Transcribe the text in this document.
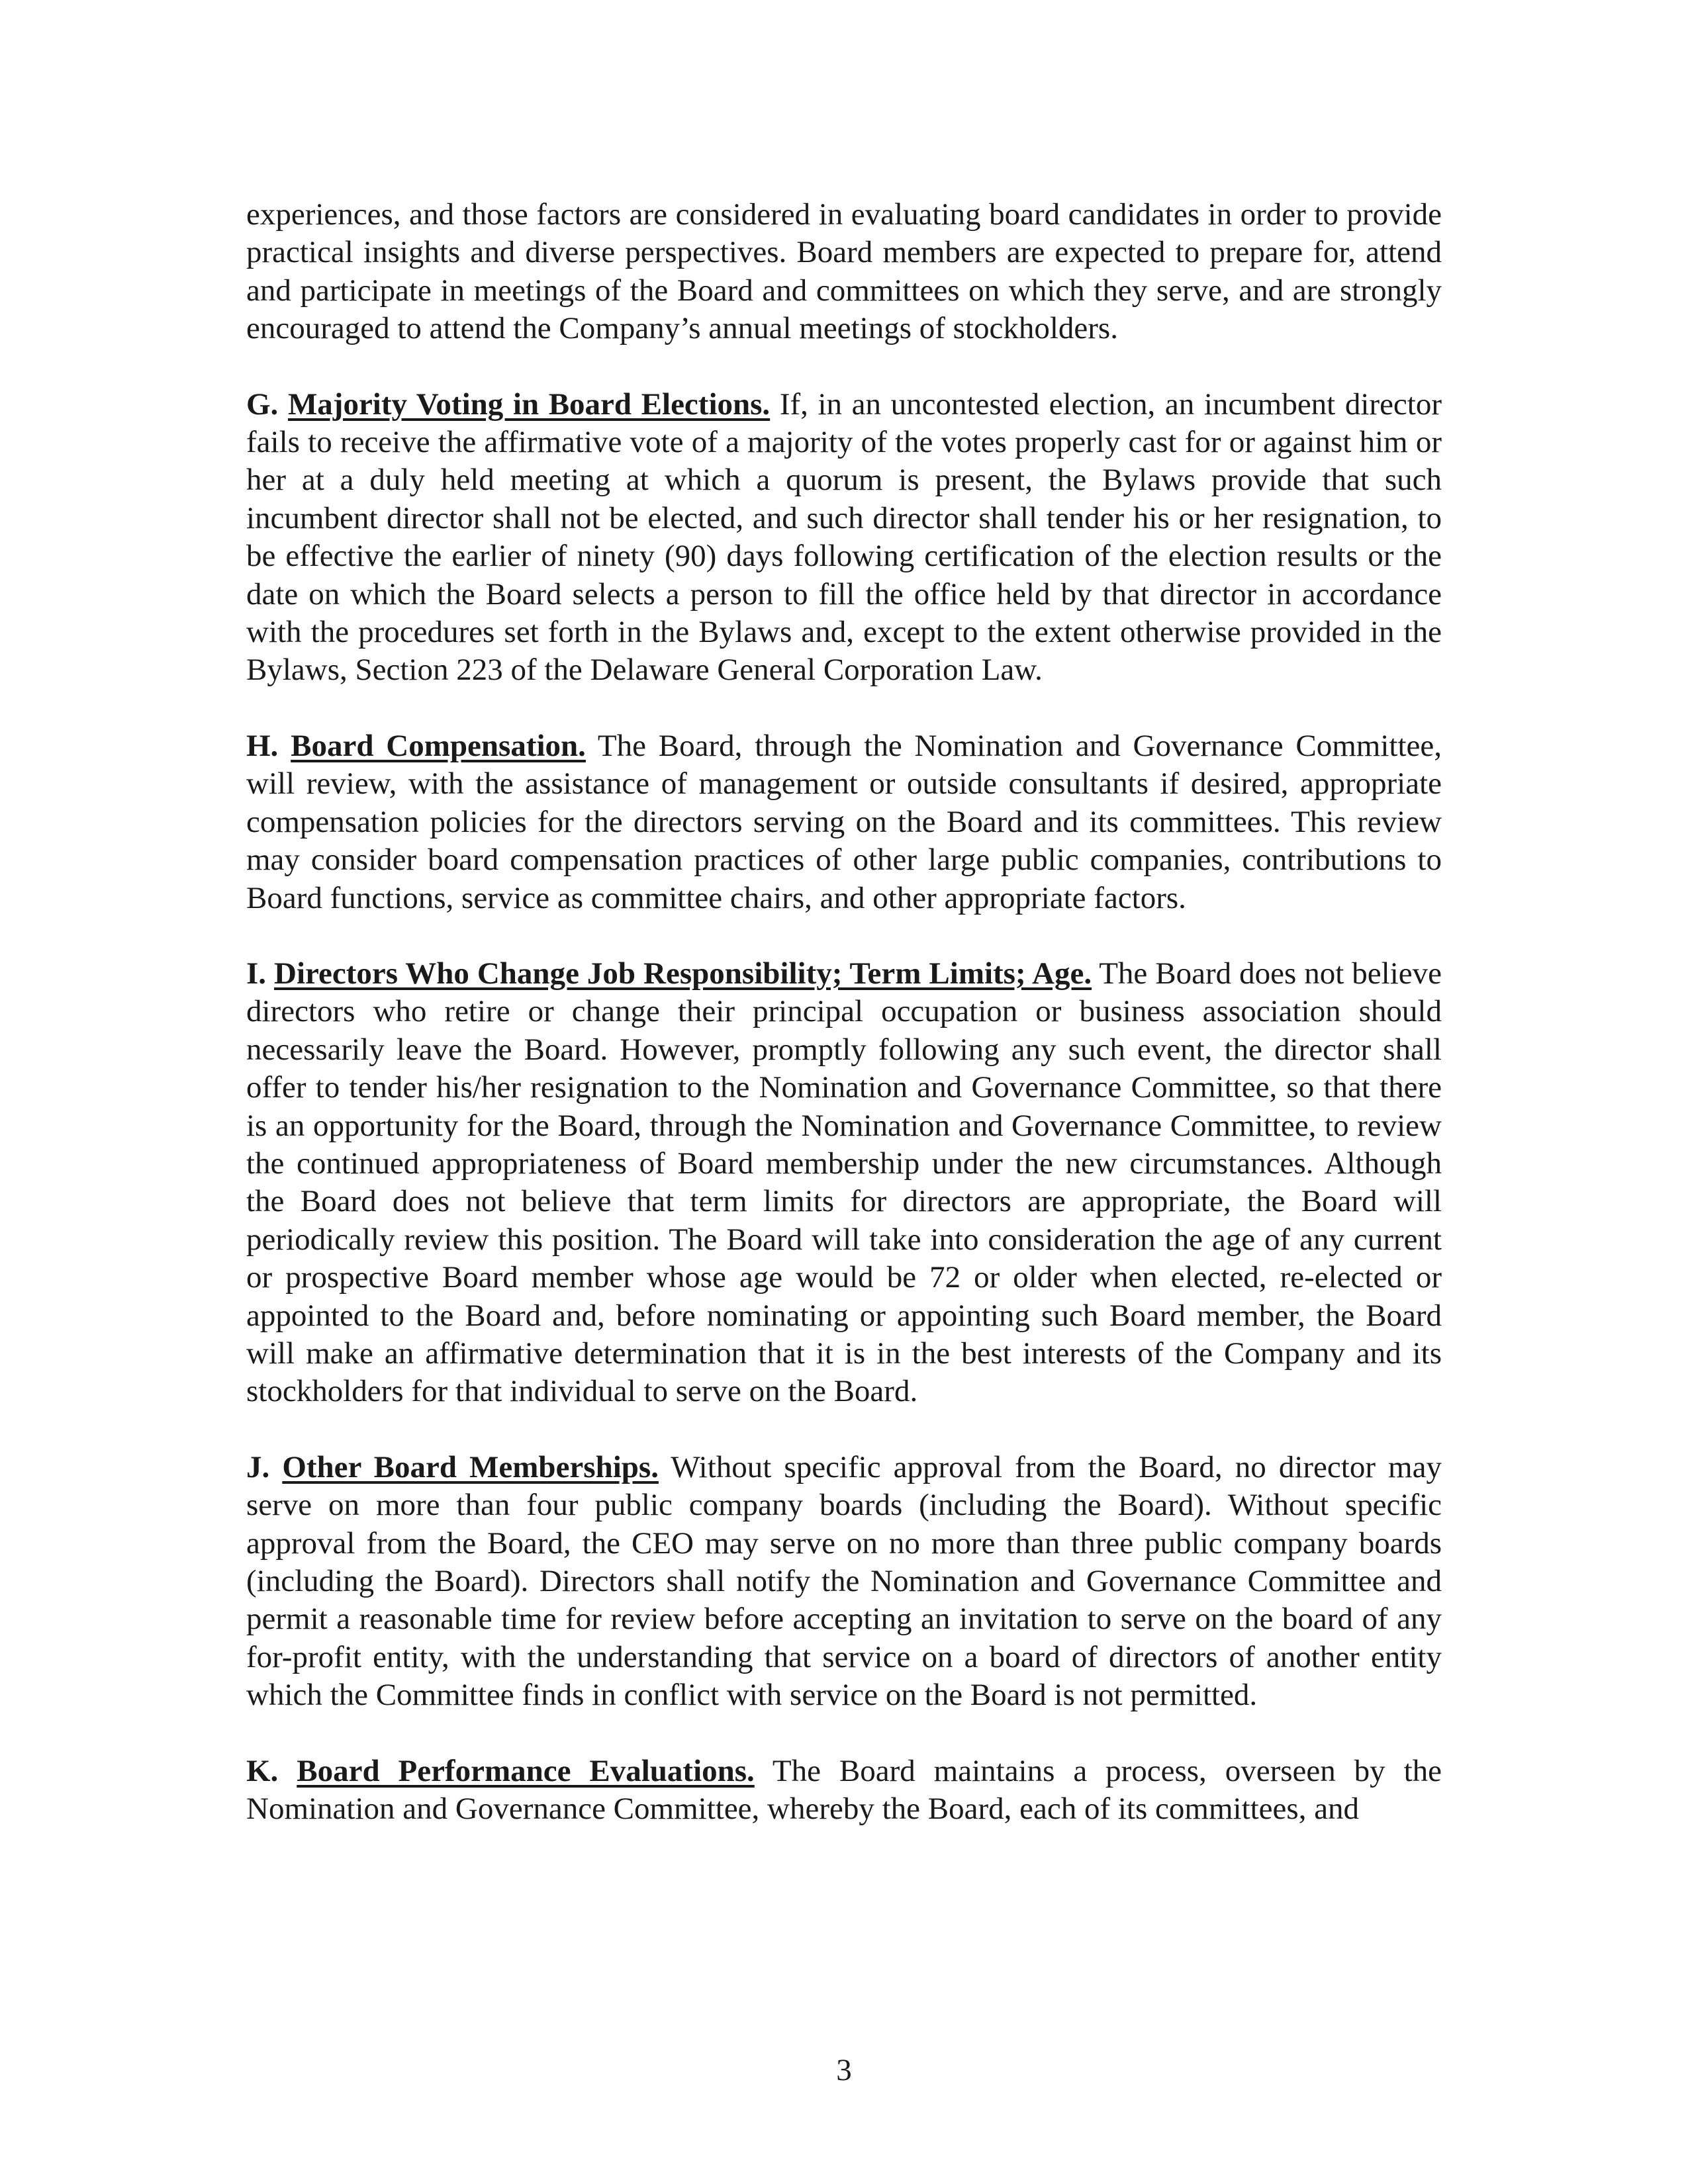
experiences, and those factors are considered in evaluating board candidates in order to provide practical insights and diverse perspectives. Board members are expected to prepare for, attend and participate in meetings of the Board and committees on which they serve, and are strongly encouraged to attend the Company’s annual meetings of stockholders.

G. Majority Voting in Board Elections. If, in an uncontested election, an incumbent director fails to receive the affirmative vote of a majority of the votes properly cast for or against him or her at a duly held meeting at which a quorum is present, the Bylaws provide that such incumbent director shall not be elected, and such director shall tender his or her resignation, to be effective the earlier of ninety (90) days following certification of the election results or the date on which the Board selects a person to fill the office held by that director in accordance with the procedures set forth in the Bylaws and, except to the extent otherwise provided in the Bylaws, Section 223 of the Delaware General Corporation Law.

H. Board Compensation. The Board, through the Nomination and Governance Committee, will review, with the assistance of management or outside consultants if desired, appropriate compensation policies for the directors serving on the Board and its committees. This review may consider board compensation practices of other large public companies, contributions to Board functions, service as committee chairs, and other appropriate factors.

I. Directors Who Change Job Responsibility; Term Limits; Age. The Board does not believe directors who retire or change their principal occupation or business association should necessarily leave the Board. However, promptly following any such event, the director shall offer to tender his/her resignation to the Nomination and Governance Committee, so that there is an opportunity for the Board, through the Nomination and Governance Committee, to review the continued appropriateness of Board membership under the new circumstances. Although the Board does not believe that term limits for directors are appropriate, the Board will periodically review this position. The Board will take into consideration the age of any current or prospective Board member whose age would be 72 or older when elected, re-elected or appointed to the Board and, before nominating or appointing such Board member, the Board will make an affirmative determination that it is in the best interests of the Company and its stockholders for that individual to serve on the Board.

J. Other Board Memberships. Without specific approval from the Board, no director may serve on more than four public company boards (including the Board). Without specific approval from the Board, the CEO may serve on no more than three public company boards (including the Board). Directors shall notify the Nomination and Governance Committee and permit a reasonable time for review before accepting an invitation to serve on the board of any for-profit entity, with the understanding that service on a board of directors of another entity which the Committee finds in conflict with service on the Board is not permitted.

K. Board Performance Evaluations. The Board maintains a process, overseen by the Nomination and Governance Committee, whereby the Board, each of its committees, and

3
